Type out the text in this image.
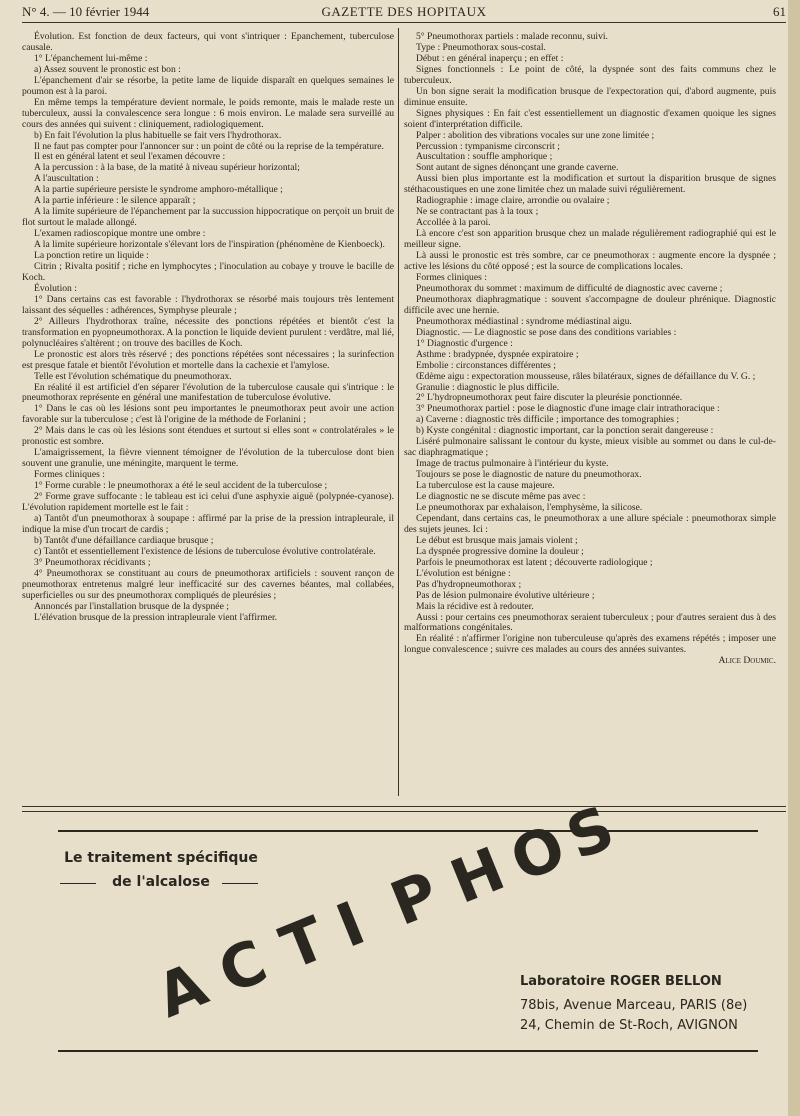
N° 4. — 10 février 1944	GAZETTE DES HOPITAUX	61

Évolution. Est fonction de deux facteurs, qui vont s'intriquer : Epanchement, tuberculose causale.

1° L'épanchement lui-même :

a) Assez souvent le pronostic est bon :

L'épanchement d'air se résorbe, la petite lame de liquide disparaît en quelques semaines le poumon est à la paroi.

En même temps la température devient normale, le poids remonte, mais le malade reste un tuberculeux, aussi la convalescence sera longue : 6 mois environ. Le malade sera surveillé au cours des années qui suivent : cliniquement, radiologiquement.

b) En fait l'évolution la plus habituelle se fait vers l'hydrothorax.

Il ne faut pas compter pour l'annoncer sur : un point de côté ou la reprise de la température.

Il est en général latent et seul l'examen découvre :

A la percussion : à la base, de la matité à niveau supérieur horizontal;

A l'auscultation :

A la partie supérieure persiste le syndrome amphoro-métallique ;

A la partie inférieure : le silence apparaît ;

A la limite supérieure de l'épanchement par la succussion hippocratique on perçoit un bruit de flot surtout le malade allongé.

L'examen radioscopique montre une ombre :

A la limite supérieure horizontale s'élevant lors de l'inspiration (phénomène de Kienboeck).

La ponction retire un liquide :

Citrin ; Rivalta positif ; riche en lymphocytes ; l'inoculation au cobaye y trouve le bacille de Koch.

Évolution :

1° Dans certains cas est favorable : l'hydrothorax se résorbé mais toujours très lentement laissant des séquelles : adhérences, Symphyse pleurale ;

2° Ailleurs l'hydrothorax traîne, nécessite des ponctions répétées et bientôt c'est la transformation en pyopneumothorax. A la ponction le liquide devient purulent : verdâtre, mal lié, polynucléaires s'altèrent ; on trouve des bacilles de Koch.

Le pronostic est alors très réservé ; des ponctions répétées sont nécessaires ; la surinfection est presque fatale et bientôt l'évolution et mortelle dans la cachexie et l'amylose.

Telle est l'évolution schématique du pneumothorax.

En réalité il est artificiel d'en séparer l'évolution de la tuberculose causale qui s'intrique : le pneumothorax représente en général une manifestation de tuberculose évolutive.

1° Dans le cas où les lésions sont peu importantes le pneumothorax peut avoir une action favorable sur la tuberculose ; c'est là l'origine de la méthode de Forlanini ;

2° Mais dans le cas où les lésions sont étendues et surtout si elles sont « controlatérales » le pronostic est sombre.

L'amaigrissement, la fièvre viennent témoigner de l'évolution de la tuberculose dont bien souvent une granulie, une méningite, marquent le terme.

Formes cliniques :

1° Forme curable : le pneumothorax a été le seul accident de la tuberculose ;

2° Forme grave suffocante : le tableau est ici celui d'une asphyxie aiguë (polypnée-cyanose). L'évolution rapidement mortelle est le fait :

a) Tantôt d'un pneumothorax à soupape : affirmé par la prise de la pression intrapleurale, il indique la mise d'un trocart de cardis ;

b) Tantôt d'une défaillance cardiaque brusque ;

c) Tantôt et essentiellement l'existence de lésions de tuberculose évolutive controlatérale.

3° Pneumothorax récidivants ;

4° Pneumothorax se constituant au cours de pneumothorax artificiels : souvent rançon de pneumothorax entretenus malgré leur inefficacité sur des cavernes béantes, mal collabées, superficielles ou sur des pneumothorax compliqués de pleurésies ;

Annoncés par l'installation brusque de la dyspnée ;

L'élévation brusque de la pression intrapleurale vient l'affirmer.

5° Pneumothorax partiels : malade reconnu, suivi.

Type : Pneumothorax sous-costal.

Début : en général inaperçu ; en effet :

Signes fonctionnels : Le point de côté, la dyspnée sont des faits communs chez le tuberculeux.

Un bon signe serait la modification brusque de l'expectoration qui, d'abord augmente, puis diminue ensuite.

Signes physiques : En fait c'est essentiellement un diagnostic d'examen quoique les signes soient d'interprétation difficile.

Palper : abolition des vibrations vocales sur une zone limitée ;

Percussion : tympanisme circonscrit ;

Auscultation : souffle amphorique ;

Sont autant de signes dénonçant une grande caverne.

Aussi bien plus importante est la modification et surtout la disparition brusque de signes stéthacoustiques en une zone limitée chez un malade suivi régulièrement.

Radiographie : image claire, arrondie ou ovalaire ;

Ne se contractant pas à la toux ;

Accollée à la paroi.

Là encore c'est son apparition brusque chez un malade régulièrement radiographié qui est le meilleur signe.

Là aussi le pronostic est très sombre, car ce pneumothorax : augmente encore la dyspnée ; active les lésions du côté opposé ; est la source de complications locales.

Formes cliniques :

Pneumothorax du sommet : maximum de difficulté de diagnostic avec caverne ;

Pneumothorax diaphragmatique : souvent s'accompagne de douleur phrénique. Diagnostic difficile avec une hernie.

Pneumothorax médiastinal : syndrome médiastinal aigu.

Diagnostic. — Le diagnostic se pose dans des conditions variables :

1° Diagnostic d'urgence :

Asthme : bradypnée, dyspnée expiratoire ;

Embolie : circonstances différentes ;

Œdème aigu : expectoration mousseuse, râles bilatéraux, signes de défaillance du V. G. ;

Granulie : diagnostic le plus difficile.

2° L'hydropneumothorax peut faire discuter la pleurésie ponctionnée.

3° Pneumothorax partiel : pose le diagnostic d'une image clair intrathoracique :

a) Caverne : diagnostic très difficile ; importance des tomographies ;

b) Kyste congénital : diagnostic important, car la ponction serait dangereuse :

Liséré pulmonaire salissant le contour du kyste, mieux visible au sommet ou dans le cul-de-sac diaphragmatique ;

Image de tractus pulmonaire à l'intérieur du kyste.

Toujours se pose le diagnostic de nature du pneumothorax.

La tuberculose est la cause majeure.

Le diagnostic ne se discute même pas avec :

Le pneumothorax par exhalaison, l'emphysème, la silicose.

Cependant, dans certains cas, le pneumothorax a une allure spéciale : pneumothorax simple des sujets jeunes. Ici :

Le début est brusque mais jamais violent ;

La dyspnée progressive domine la douleur ;

Parfois le pneumothorax est latent ; découverte radiologique ;

L'évolution est bénigne :

Pas d'hydropneumothorax ;

Pas de lésion pulmonaire évolutive ultérieure ;

Mais la récidive est à redouter.

Aussi : pour certains ces pneumothorax seraient tuberculeux ; pour d'autres seraient dus à des malformations congénitales.

En réalité : n'affirmer l'origine non tuberculeuse qu'après des examens répétés ; imposer une longue convalescence ; suivre ces malades au cours des années suivantes.

Alice Doumic.

Le traitement spécifique
de l'alcalose
A
C
T
I P
H
O
S
Laboratoire ROGER BELLON
78bis, Avenue Marceau, PARIS (8e)
24, Chemin de St-Roch, AVIGNON
